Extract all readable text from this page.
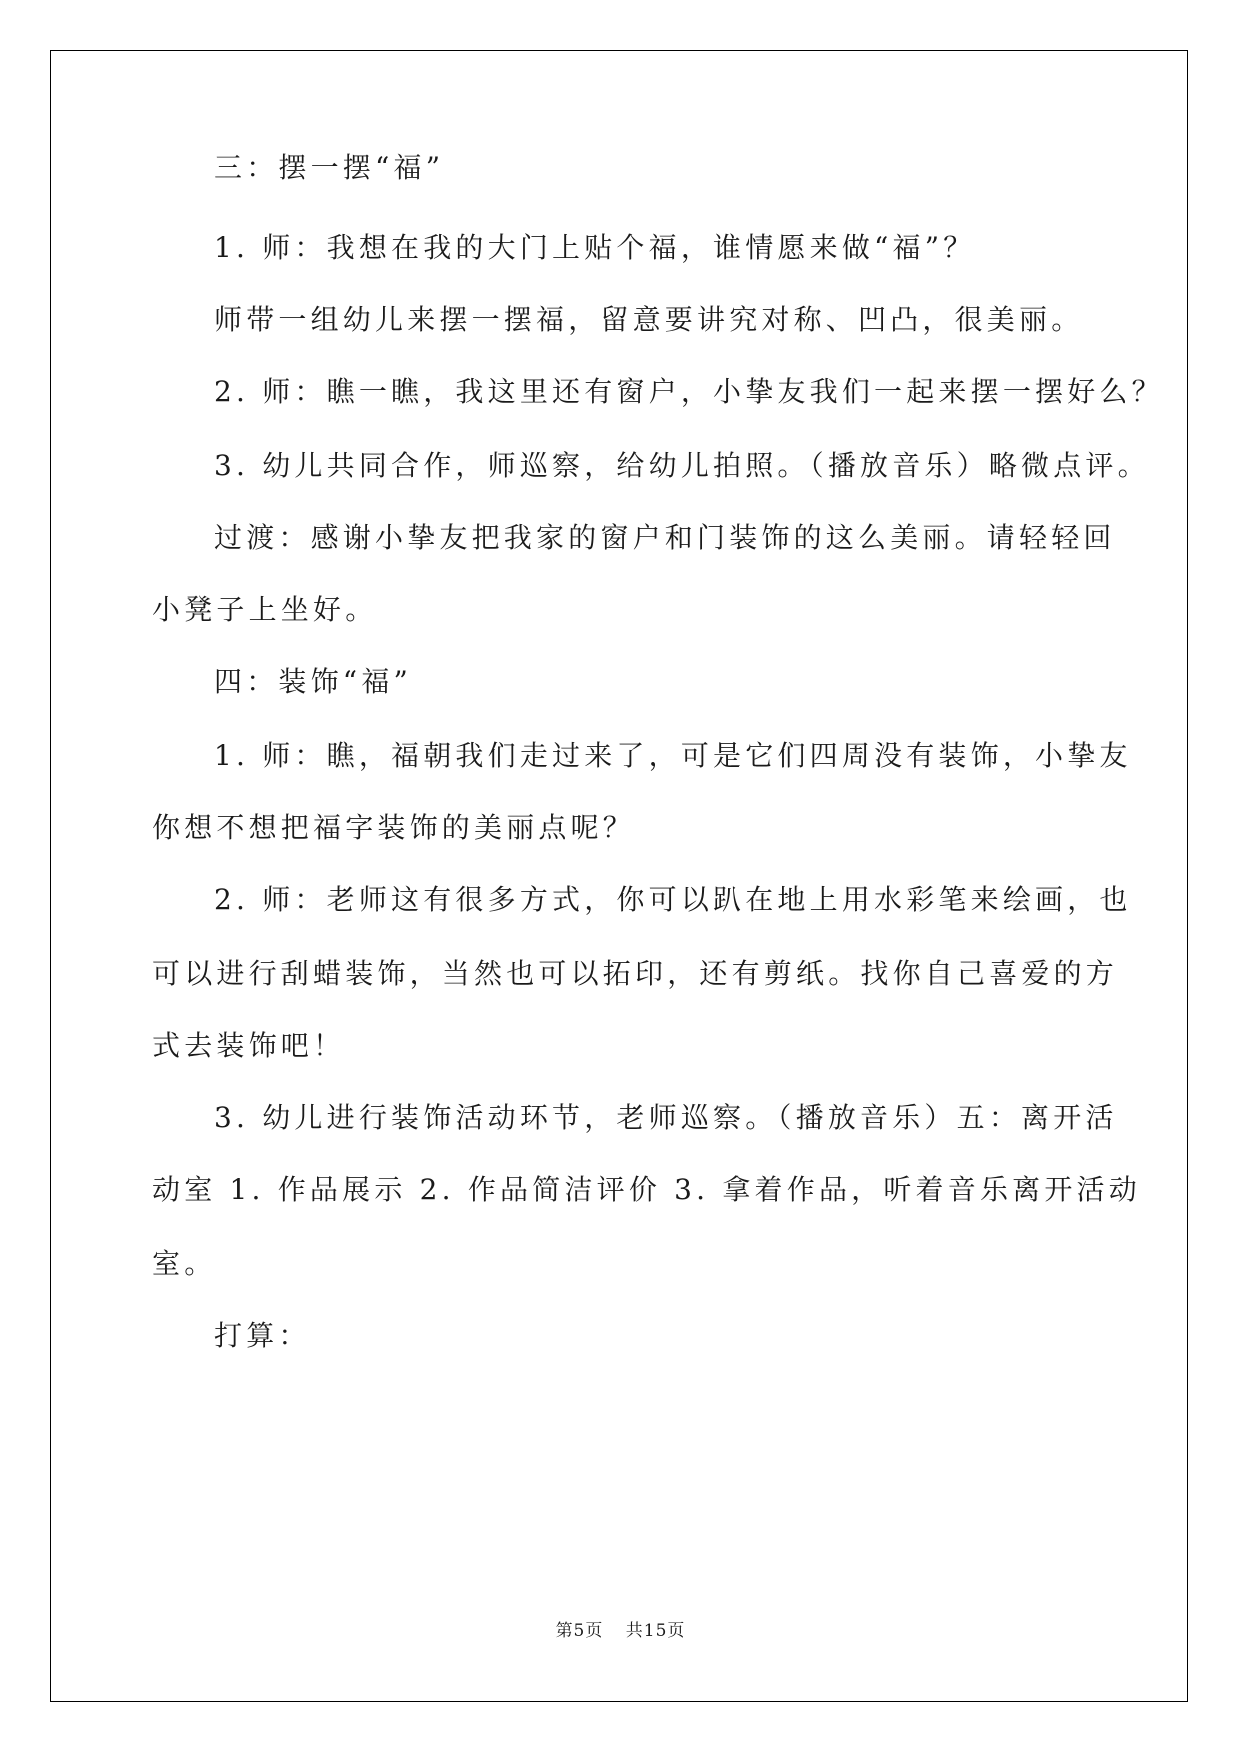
三：摆一摆“福”
1. 师：我想在我的大门上贴个福，谁情愿来做“福”？
师带一组幼儿来摆一摆福，留意要讲究对称、凹凸，很美丽。
2. 师：瞧一瞧，我这里还有窗户，小挚友我们一起来摆一摆好么？
3. 幼儿共同合作，师巡察，给幼儿拍照。（播放音乐）略微点评。
过渡：感谢小挚友把我家的窗户和门装饰的这么美丽。请轻轻回
小凳子上坐好。
四：装饰“福”
1. 师：瞧，福朝我们走过来了，可是它们四周没有装饰，小挚友
你想不想把福字装饰的美丽点呢？
2. 师：老师这有很多方式，你可以趴在地上用水彩笔来绘画，也
可以进行刮蜡装饰，当然也可以拓印，还有剪纸。找你自己喜爱的方
式去装饰吧！
3. 幼儿进行装饰活动环节，老师巡察。（播放音乐）五：离开活
动室 1. 作品展示 2. 作品简洁评价 3. 拿着作品，听着音乐离开活动
室。
打算：
第5页 共15页
